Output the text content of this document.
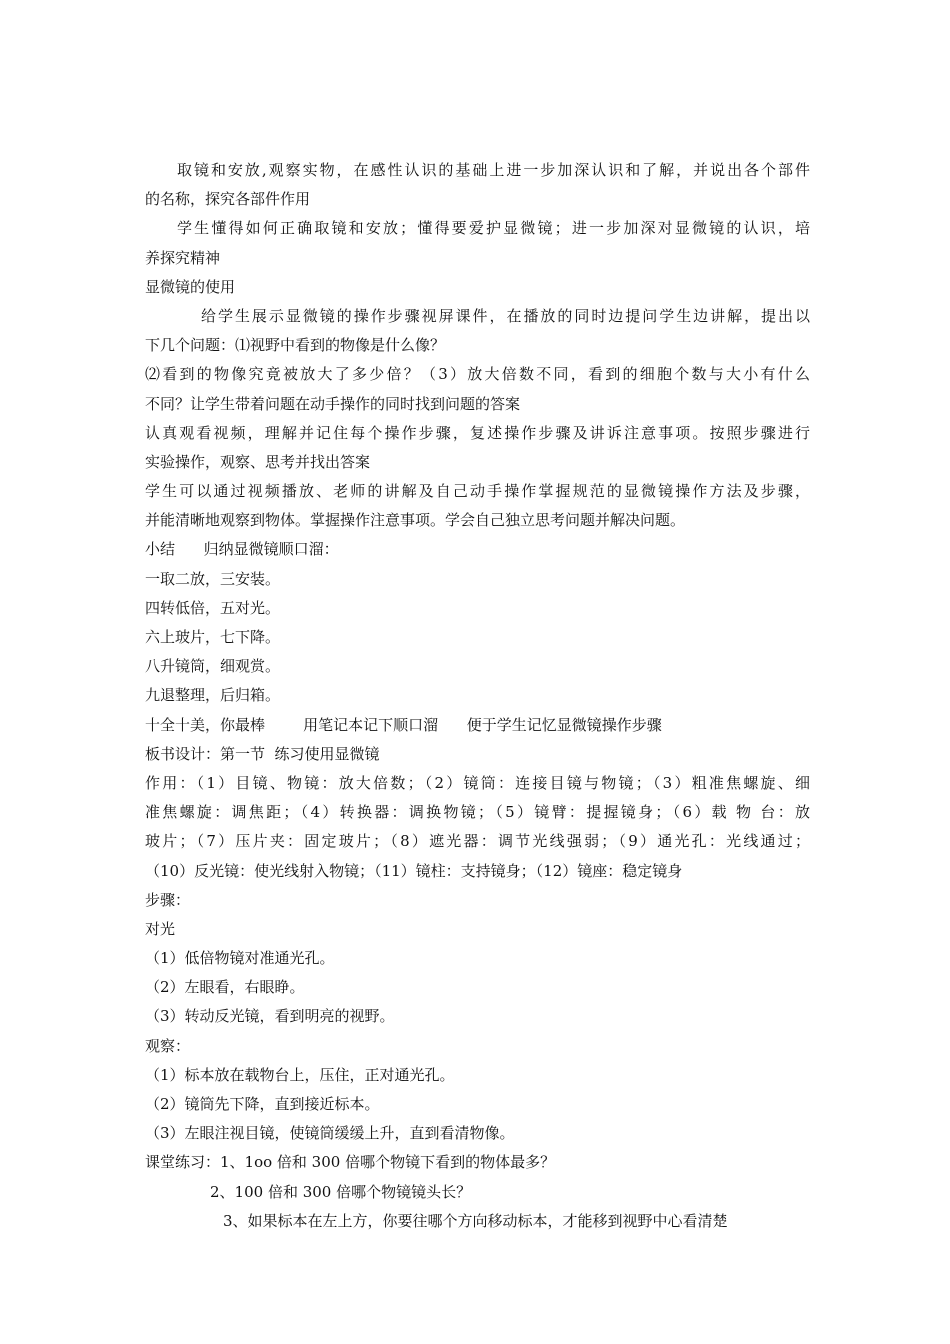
取镜和安放,观察实物，在感性认识的基础上进一步加深认识和了解，并说出各个部件
的名称，探究各部件作用
学生懂得如何正确取镜和安放；懂得要爱护显微镜；进一步加深对显微镜的认识，培
养探究精神
显微镜的使用
给学生展示显微镜的操作步骤视屏课件，在播放的同时边提问学生边讲解，提出以
下几个问题：⑴视野中看到的物像是什么像？
⑵看到的物像究竟被放大了多少倍？（3）放大倍数不同，看到的细胞个数与大小有什么
不同？让学生带着问题在动手操作的同时找到问题的答案
认真观看视频，理解并记住每个操作步骤，复述操作步骤及讲诉注意事项。按照步骤进行
实验操作，观察、思考并找出答案
学生可以通过视频播放、老师的讲解及自己动手操作掌握规范的显微镜操作方法及步骤，
并能清晰地观察到物体。掌握操作注意事项。学会自己独立思考问题并解决问题。
小结      归纳显微镜顺口溜：
一取二放，三安装。
四转低倍，五对光。
六上玻片，七下降。
八升镜筒，细观赏。
九退整理，后归箱。
十全十美，你最棒        用笔记本记下顺口溜      便于学生记忆显微镜操作步骤
板书设计：第一节  练习使用显微镜
作用：（1）目镜、物镜：放大倍数；（2）镜筒：连接目镜与物镜；（3）粗准焦螺旋、细
准焦螺旋：调焦距；（4）转换器：调换物镜；（5）镜臂：提握镜身；（6）载 物 台：放
玻片；（7）压片夹：固定玻片；（8）遮光器：调节光线强弱；（9）通光孔：光线通过；
（10）反光镜：使光线射入物镜；（11）镜柱：支持镜身；（12）镜座：稳定镜身
步骤：
对光
（1）低倍物镜对准通光孔。
（2）左眼看，右眼睁。
（3）转动反光镜，看到明亮的视野。
观察：
（1）标本放在载物台上，压住，正对通光孔。
（2）镜筒先下降，直到接近标本。
（3）左眼注视目镜，使镜筒缓缓上升，直到看清物像。
课堂练习：1、1oo 倍和 300 倍哪个物镜下看到的物体最多？
2、100 倍和 300 倍哪个物镜镜头长？
3、如果标本在左上方，你要往哪个方向移动标本，才能移到视野中心看清楚
